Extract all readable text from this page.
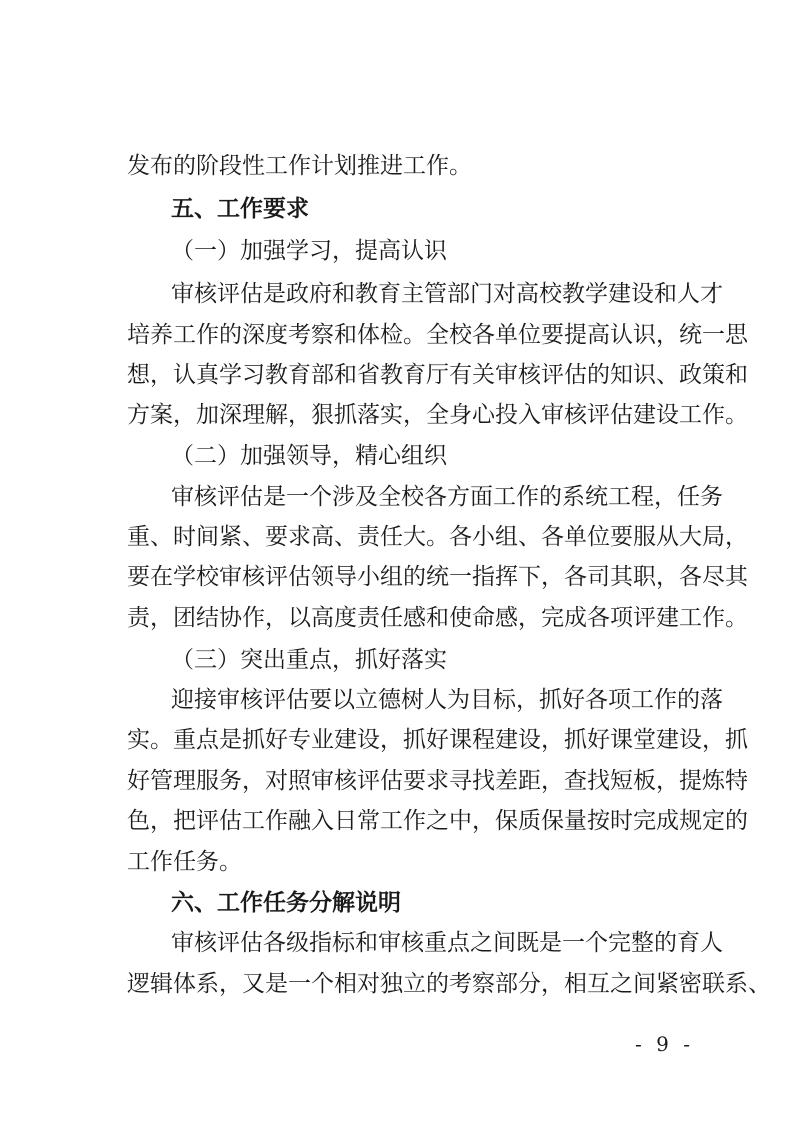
发布的阶段性工作计划推进工作。
五、工作要求
（一）加强学习，提高认识
审核评估是政府和教育主管部门对高校教学建设和人才
培养工作的深度考察和体检。全校各单位要提高认识，统一思
想，认真学习教育部和省教育厅有关审核评估的知识、政策和
方案，加深理解，狠抓落实，全身心投入审核评估建设工作。
（二）加强领导，精心组织
审核评估是一个涉及全校各方面工作的系统工程，任务
重、时间紧、要求高、责任大。各小组、各单位要服从大局，
要在学校审核评估领导小组的统一指挥下，各司其职，各尽其
责，团结协作，以高度责任感和使命感，完成各项评建工作。
（三）突出重点，抓好落实
迎接审核评估要以立德树人为目标，抓好各项工作的落
实。重点是抓好专业建设，抓好课程建设，抓好课堂建设，抓
好管理服务，对照审核评估要求寻找差距，查找短板，提炼特
色，把评估工作融入日常工作之中，保质保量按时完成规定的
工作任务。
六、工作任务分解说明
审核评估各级指标和审核重点之间既是一个完整的育人
逻辑体系，又是一个相对独立的考察部分，相互之间紧密联系、
- 9 -
